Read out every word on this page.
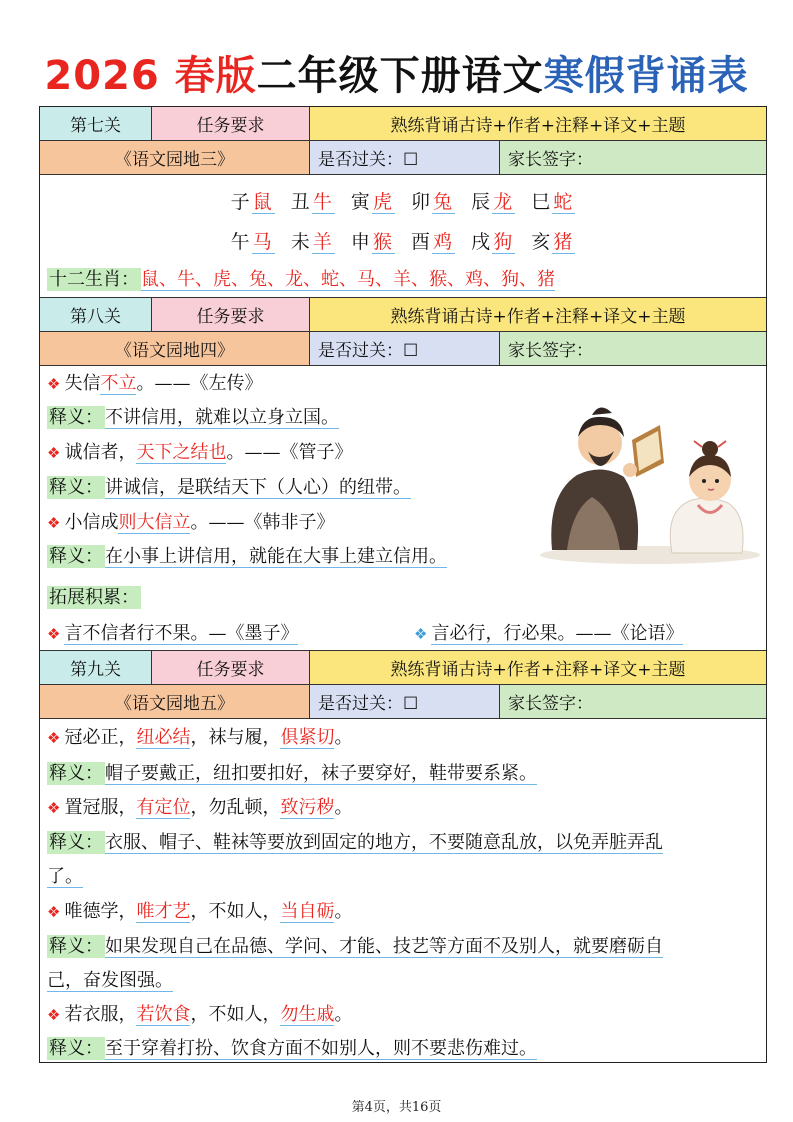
2026 春版二年级下册语文寒假背诵表
第七关	任务要求	熟练背诵古诗+作者+注释+译文+主题
《语文园地三》	是否过关：☐	家长签字：
子鼠 丑牛 寅虎 卯兔 辰龙 巳蛇
午马 未羊 申猴 酉鸡 戌狗 亥猪
十二生肖： 鼠、牛、虎、兔、龙、蛇、马、羊、猴、鸡、狗、猪
第八关	任务要求	熟练背诵古诗+作者+注释+译文+主题
《语文园地四》	是否过关：☐	家长签字：
❖ 失信不立。——《左传》
释义： 不讲信用，就难以立身立国。
❖ 诚信者，天下之结也。——《管子》
释义： 讲诚信，是联结天下（人心）的纽带。
❖ 小信成则大信立。——《韩非子》
释义： 在小事上讲信用，就能在大事上建立信用。
拓展积累：
❖ 言不信者行不果。—《墨子》	❖ 言必行，行必果。——《论语》
第九关	任务要求	熟练背诵古诗+作者+注释+译文+主题
《语文园地五》	是否过关：☐	家长签字：
❖ 冠必正，纽必结，袜与履，俱紧切。
释义： 帽子要戴正，纽扣要扣好，袜子要穿好，鞋带要系紧。
❖ 置冠服，有定位，勿乱顿，致污秽。
释义： 衣服、帽子、鞋袜等要放到固定的地方，不要随意乱放，以免弄脏弄乱
了。
❖ 唯德学，唯才艺，不如人，当自砺。
释义： 如果发现自己在品德、学问、才能、技艺等方面不及别人，就要磨砺自
己，奋发图强。
❖ 若衣服，若饮食，不如人，勿生戚。
释义： 至于穿着打扮、饮食方面不如别人，则不要悲伤难过。
第4页，共16页
